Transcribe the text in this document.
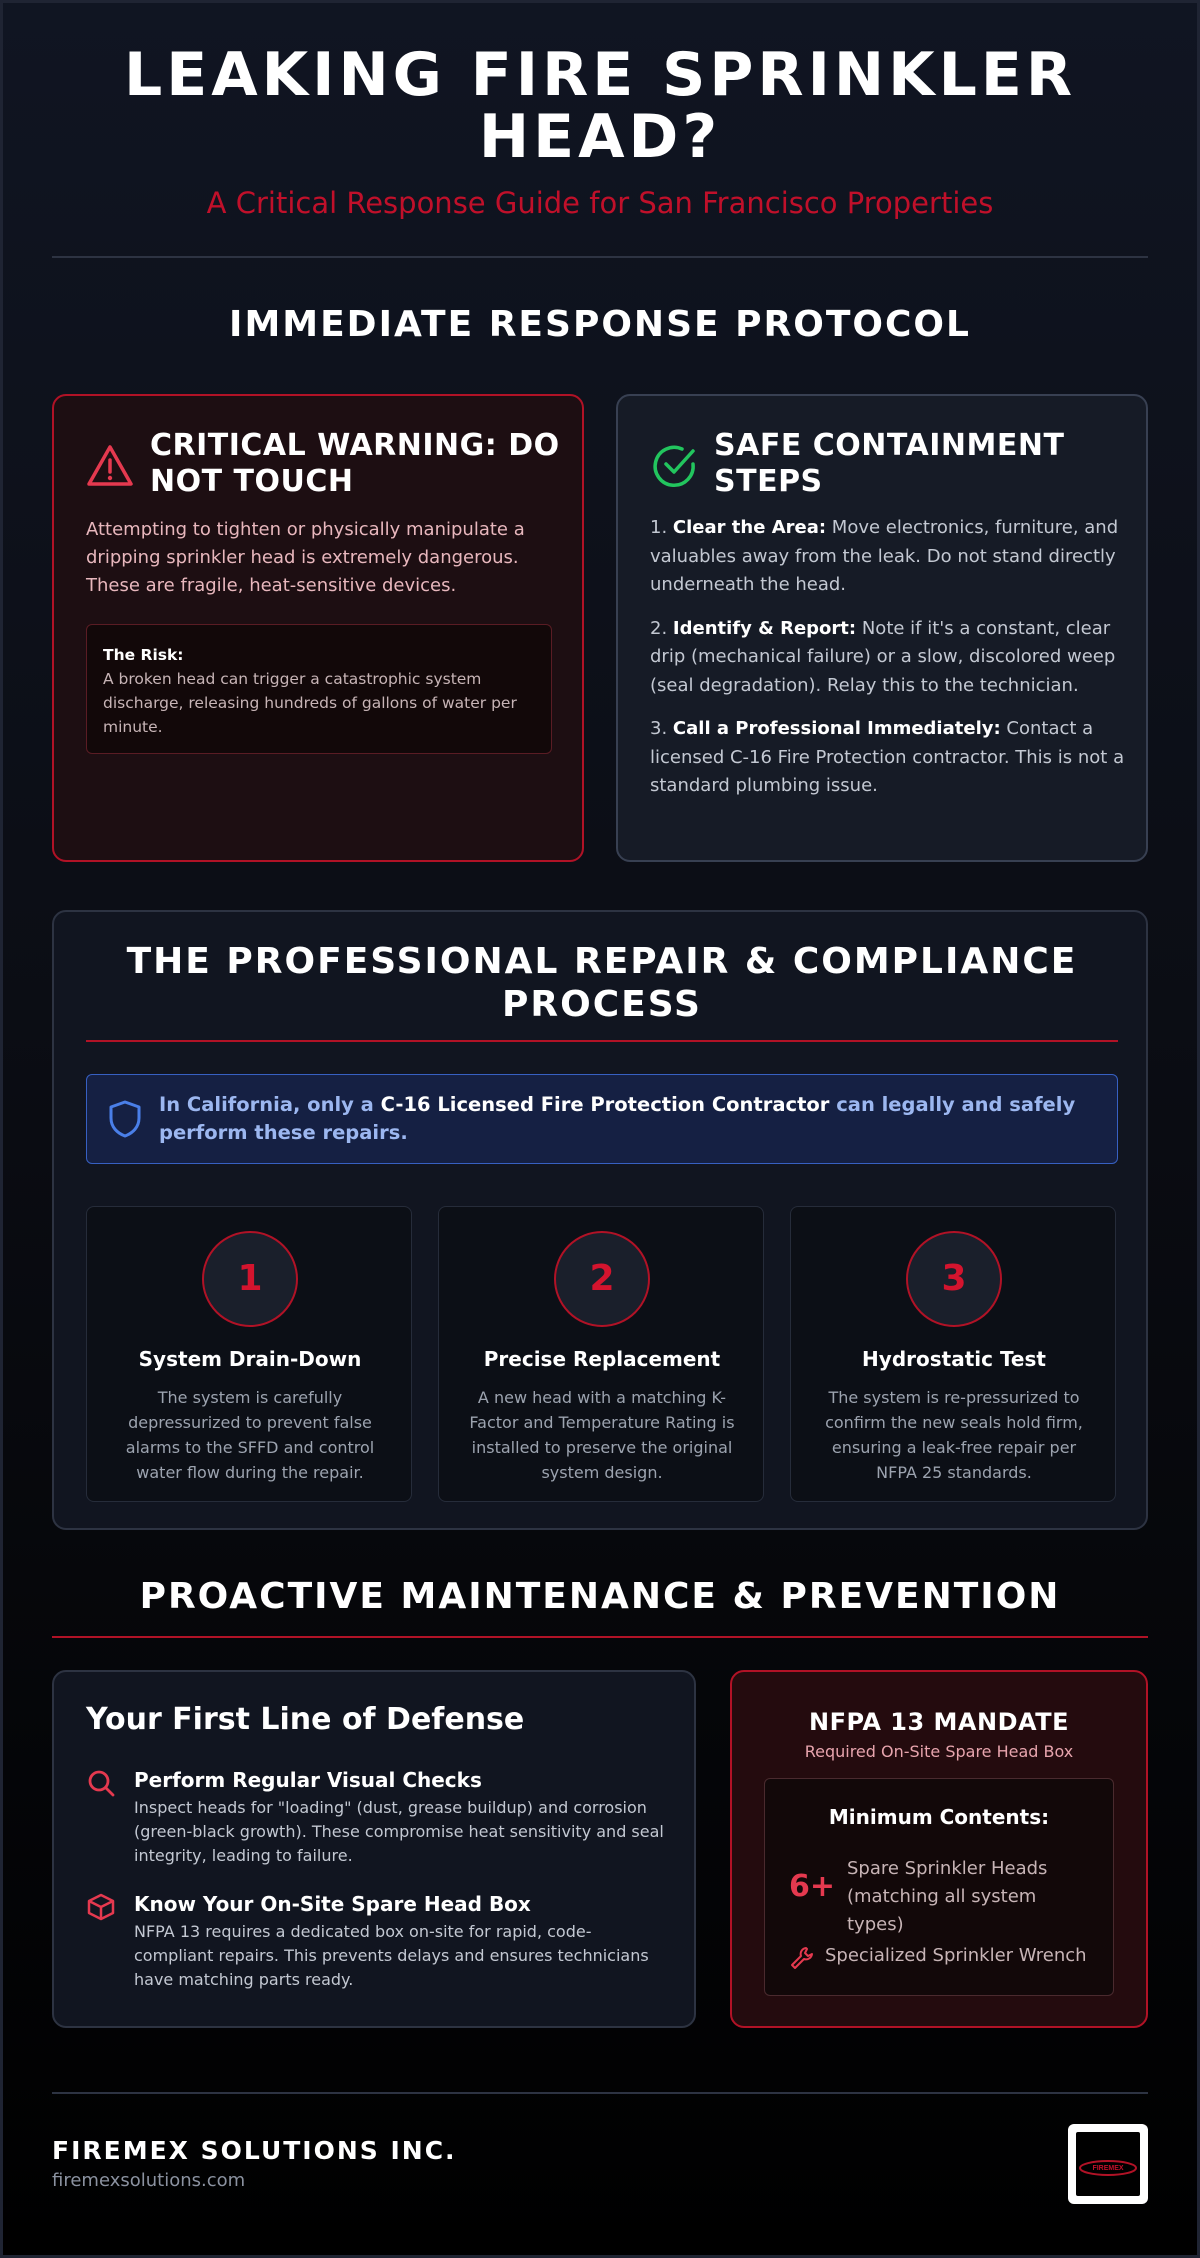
LEAKING FIRE SPRINKLER HEAD?
A Critical Response Guide for San Francisco Properties
IMMEDIATE RESPONSE PROTOCOL
CRITICAL WARNING: DO NOT TOUCH
Attempting to tighten or physically manipulate a dripping sprinkler head is extremely dangerous. These are fragile, heat-sensitive devices.
The Risk:
A broken head can trigger a catastrophic system discharge, releasing hundreds of gallons of water per minute.
SAFE CONTAINMENT STEPS

1. Clear the Area: Move electronics, furniture, and valuables away from the leak. Do not stand directly underneath the head.

2. Identify & Report: Note if it's a constant, clear drip (mechanical failure) or a slow, discolored weep (seal degradation). Relay this to the technician.

3. Call a Professional Immediately: Contact a licensed C-16 Fire Protection contractor. This is not a standard plumbing issue.

THE PROFESSIONAL REPAIR & COMPLIANCE PROCESS
In California, only a C-16 Licensed Fire Protection Contractor can legally and safely perform these repairs.
1
System Drain-Down
The system is carefully depressurized to prevent false alarms to the SFFD and control water flow during the repair.
2
Precise Replacement
A new head with a matching K-Factor and Temperature Rating is installed to preserve the original system design.
3
Hydrostatic Test
The system is re-pressurized to confirm the new seals hold firm, ensuring a leak-free repair per NFPA 25 standards.
PROACTIVE MAINTENANCE & PREVENTION
Your First Line of Defense
Perform Regular Visual Checks
Inspect heads for "loading" (dust, grease buildup) and corrosion (green-black growth). These compromise heat sensitivity and seal integrity, leading to failure.
Know Your On-Site Spare Head Box
NFPA 13 requires a dedicated box on-site for rapid, code-compliant repairs. This prevents delays and ensures technicians have matching parts ready.
NFPA 13 MANDATE
Required On-Site Spare Head Box
Minimum Contents:
6+
Spare Sprinkler Heads (matching all system types)
Specialized Sprinkler Wrench
FIREMEX SOLUTIONS INC.
firemexsolutions.com
FIREMEX
